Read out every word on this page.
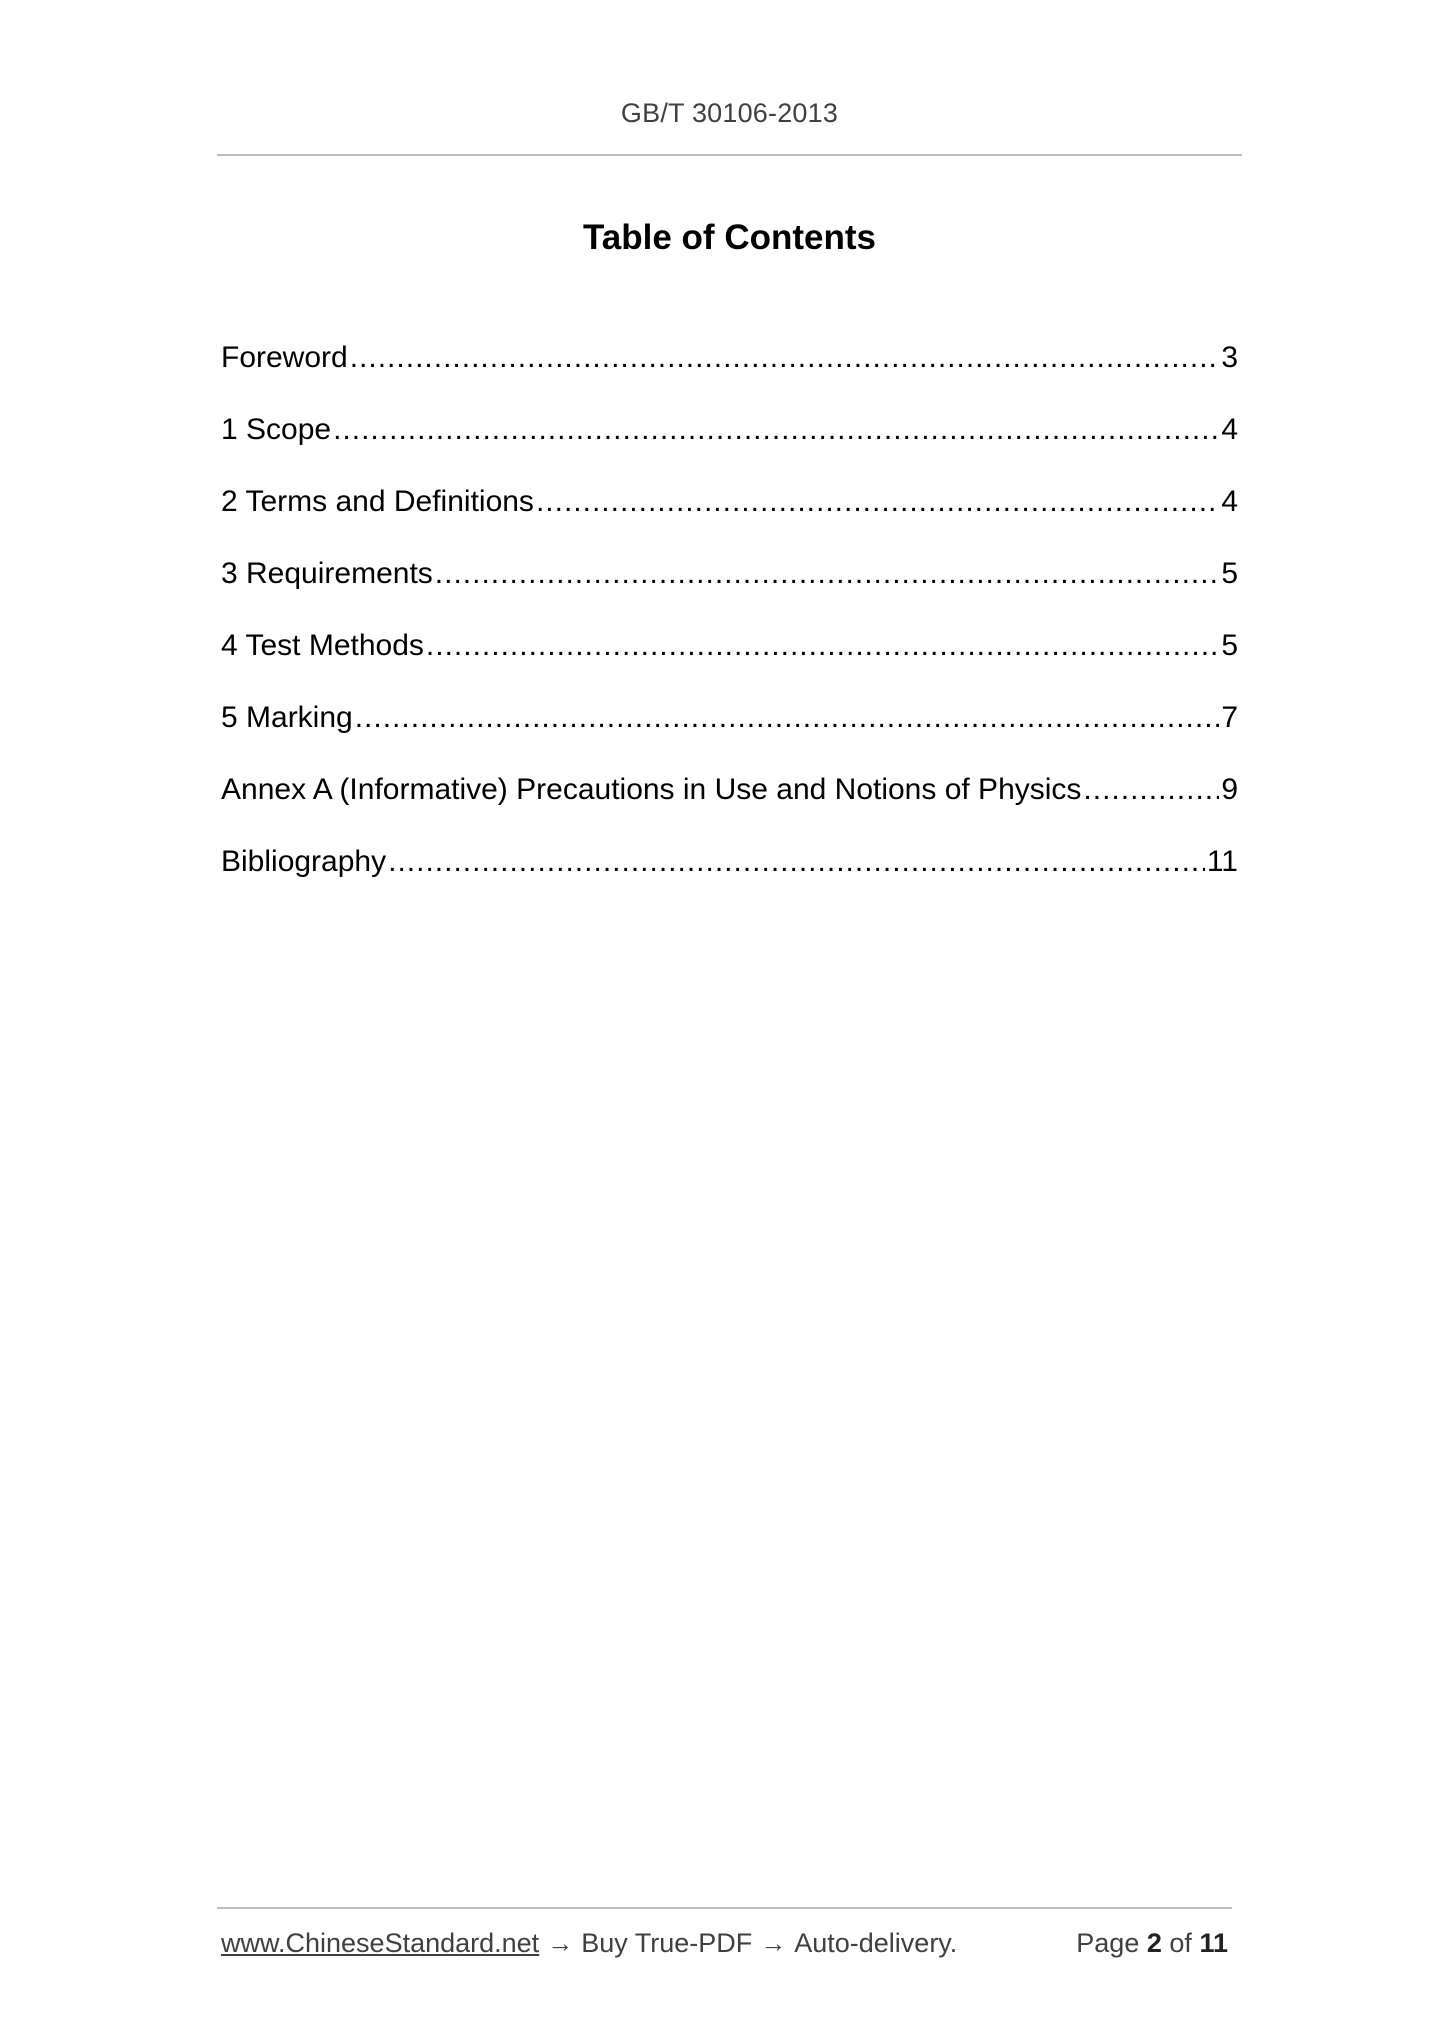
GB/T 30106-2013
Table of Contents
Foreword .....	3
1 Scope .....	4
2 Terms and Definitions .....	4
3 Requirements .....	5
4 Test Methods .....	5
5 Marking .....	7
Annex A (Informative) Precautions in Use and Notions of Physics .....	9
Bibliography .....	11
www.ChineseStandard.net → Buy True-PDF → Auto-delivery.	Page 2 of 11
